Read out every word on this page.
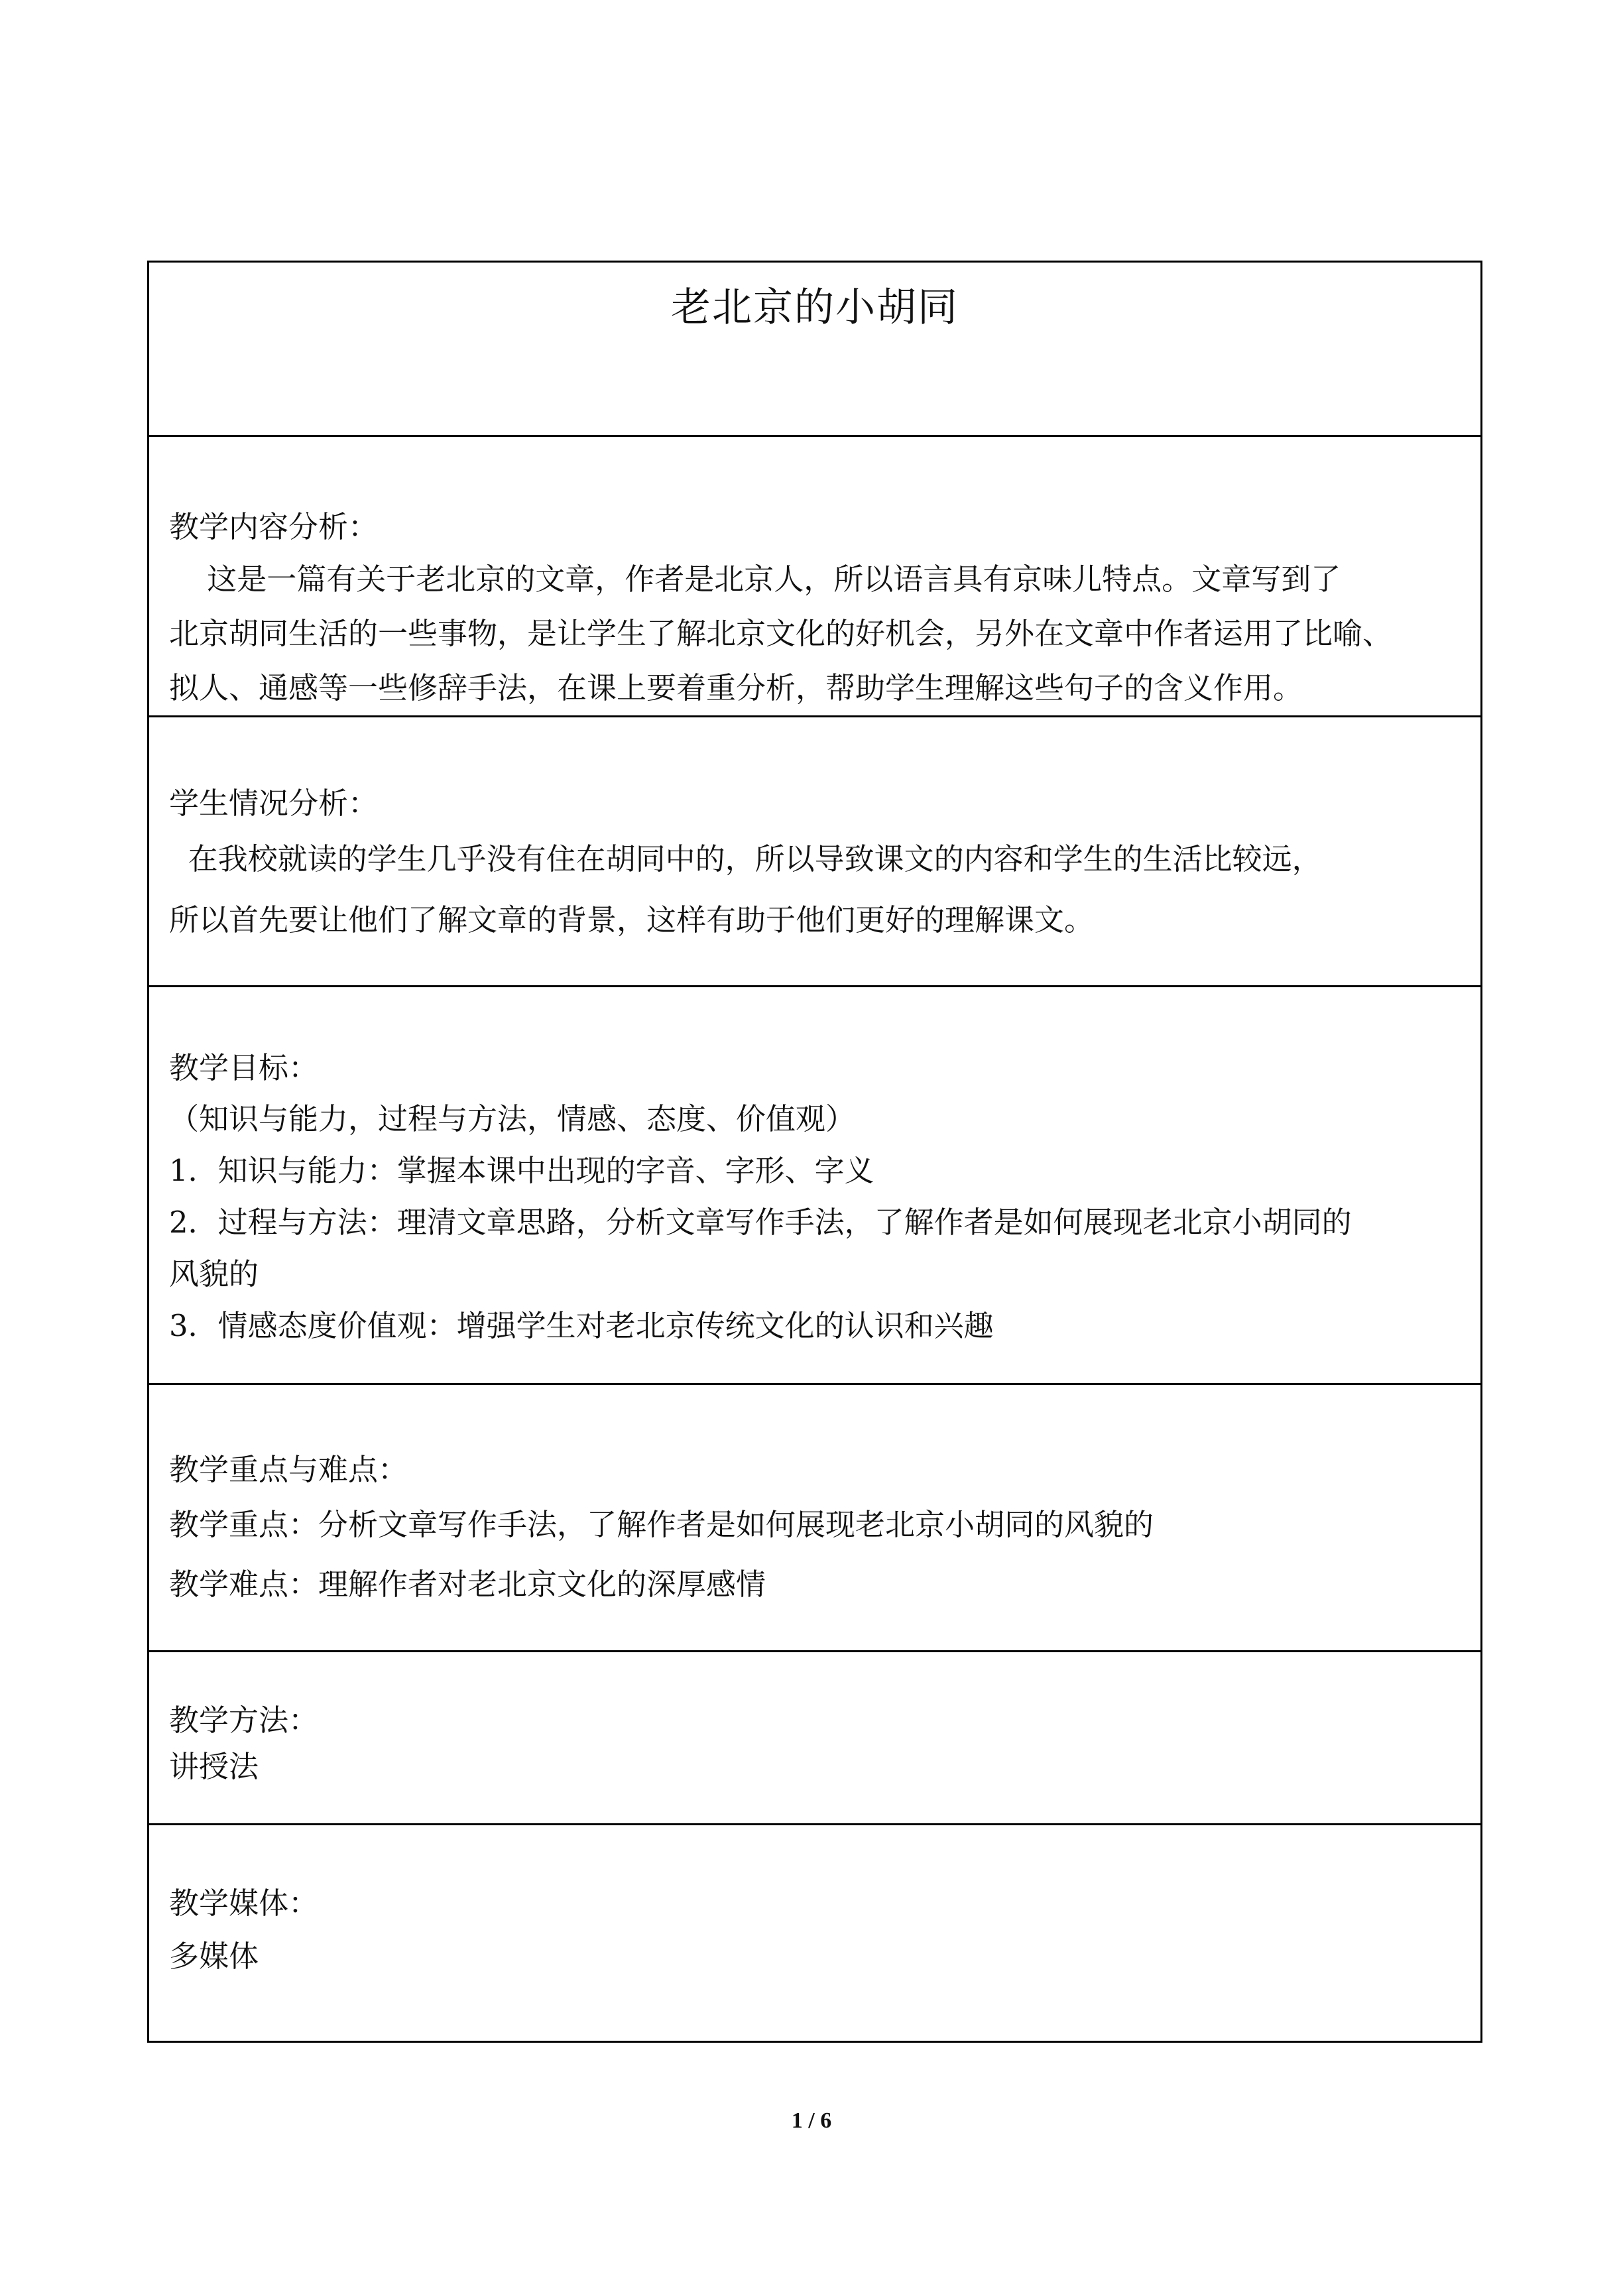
老北京的小胡同
教学内容分析：
这是一篇有关于老北京的文章，作者是北京人，所以语言具有京味儿特点。文章写到了
北京胡同生活的一些事物，是让学生了解北京文化的好机会，另外在文章中作者运用了比喻、
拟人、通感等一些修辞手法，在课上要着重分析，帮助学生理解这些句子的含义作用。
学生情况分析：
在我校就读的学生几乎没有住在胡同中的，所以导致课文的内容和学生的生活比较远，
所以首先要让他们了解文章的背景，这样有助于他们更好的理解课文。
教学目标：
（知识与能力，过程与方法，情感、态度、价值观）
1．知识与能力：掌握本课中出现的字音、字形、字义
2．过程与方法：理清文章思路，分析文章写作手法，了解作者是如何展现老北京小胡同的
风貌的
3．情感态度价值观：增强学生对老北京传统文化的认识和兴趣
教学重点与难点：
教学重点：分析文章写作手法，了解作者是如何展现老北京小胡同的风貌的
教学难点：理解作者对老北京文化的深厚感情
教学方法：
讲授法
教学媒体：
多媒体
1 / 6
